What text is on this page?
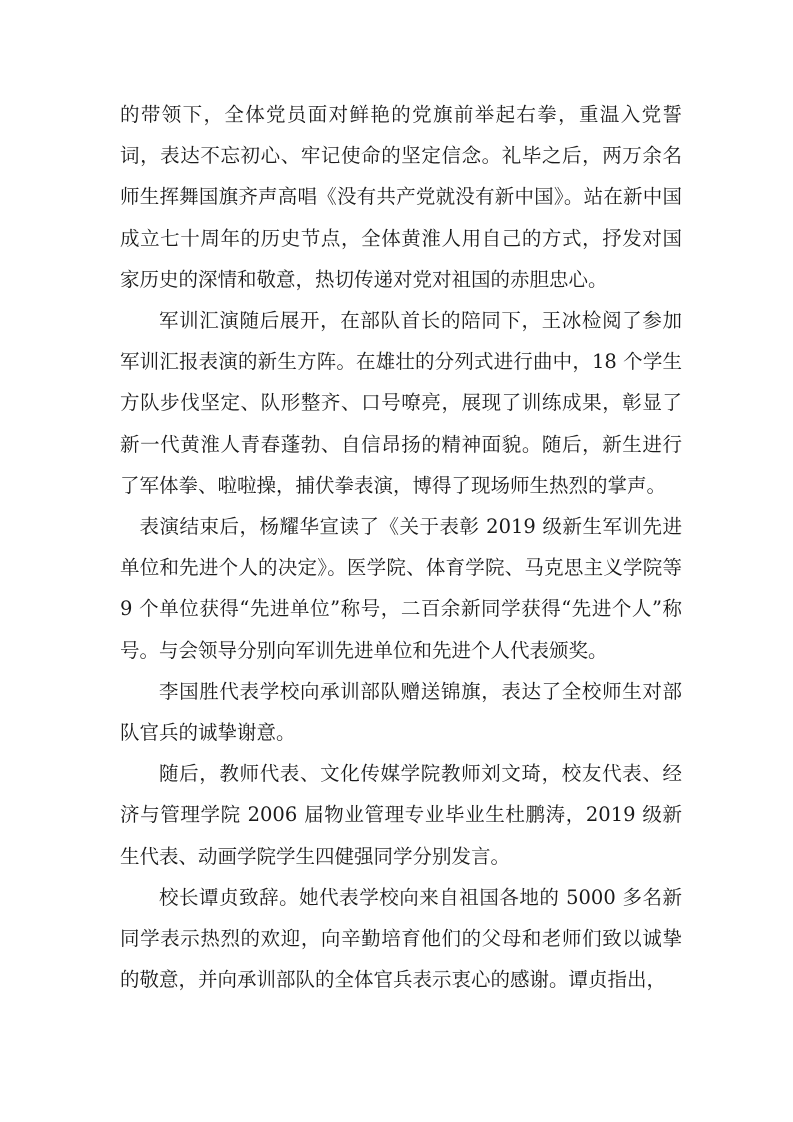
的带领下，全体党员面对鲜艳的党旗前举起右拳，重温入党誓词，表达不忘初心、牢记使命的坚定信念。礼毕之后，两万余名师生挥舞国旗齐声高唱《没有共产党就没有新中国》。站在新中国成立七十周年的历史节点，全体黄淮人用自己的方式，抒发对国家历史的深情和敬意，热切传递对党对祖国的赤胆忠心。

军训汇演随后展开，在部队首长的陪同下，王冰检阅了参加军训汇报表演的新生方阵。在雄壮的分列式进行曲中，18 个学生方队步伐坚定、队形整齐、口号嘹亮，展现了训练成果，彰显了新一代黄淮人青春蓬勃、自信昂扬的精神面貌。随后，新生进行了军体拳、啦啦操，捕伏拳表演，博得了现场师生热烈的掌声。

表演结束后，杨耀华宣读了《关于表彰 2019 级新生军训先进单位和先进个人的决定》。医学院、体育学院、马克思主义学院等 9 个单位获得“先进单位”称号，二百余新同学获得“先进个人”称号。与会领导分别向军训先进单位和先进个人代表颁奖。

李国胜代表学校向承训部队赠送锦旗，表达了全校师生对部队官兵的诚挚谢意。

随后，教师代表、文化传媒学院教师刘文琦，校友代表、经济与管理学院 2006 届物业管理专业毕业生杜鹏涛，2019 级新生代表、动画学院学生四健强同学分别发言。

校长谭贞致辞。她代表学校向来自祖国各地的 5000 多名新同学表示热烈的欢迎，向辛勤培育他们的父母和老师们致以诚挚的敬意，并向承训部队的全体官兵表示衷心的感谢。谭贞指出，
